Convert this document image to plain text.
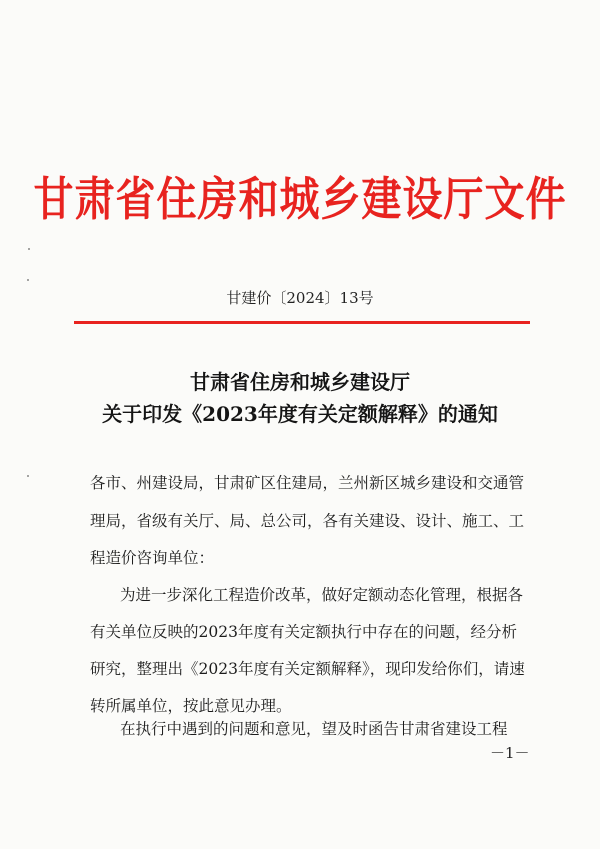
甘肃省住房和城乡建设厅文件
甘建价〔2024〕13号
甘肃省住房和城乡建设厅
关于印发《2023年度有关定额解释》的通知
各市、州建设局，甘肃矿区住建局，兰州新区城乡建设和交通管
理局，省级有关厅、局、总公司，各有关建设、设计、施工、工
程造价咨询单位：
为进一步深化工程造价改革，做好定额动态化管理，根据各
有关单位反映的2023年度有关定额执行中存在的问题，经分析
研究，整理出《2023年度有关定额解释》，现印发给你们，请速
转所属单位，按此意见办理。
在执行中遇到的问题和意见，望及时函告甘肃省建设工程
－1－
